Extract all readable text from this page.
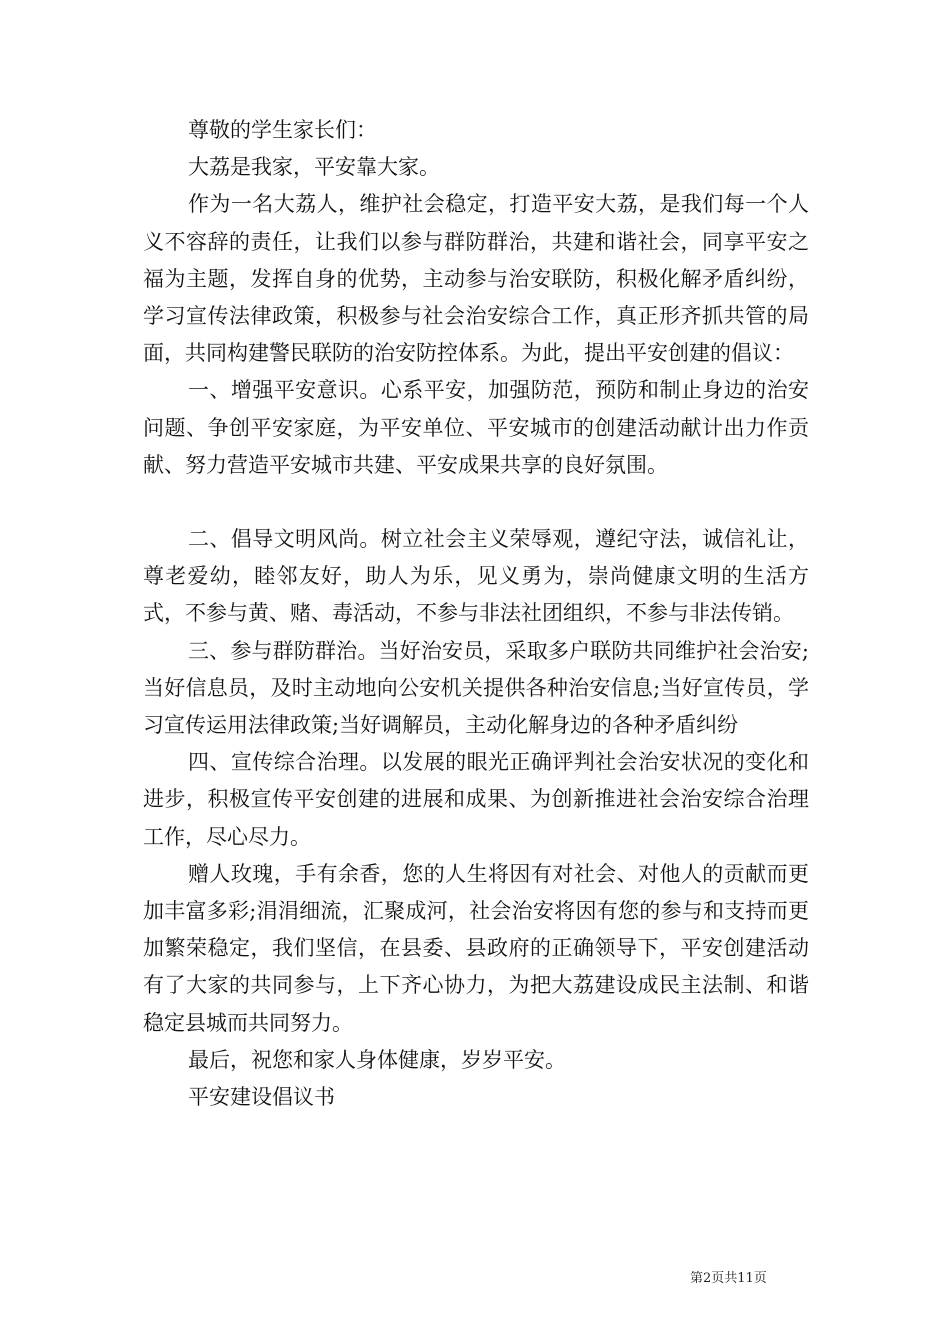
尊敬的学生家长们：

大荔是我家，平安靠大家。

作为一名大荔人，维护社会稳定，打造平安大荔，是我们每一个人义不容辞的责任，让我们以参与群防群治，共建和谐社会，同享平安之福为主题，发挥自身的优势，主动参与治安联防，积极化解矛盾纠纷，学习宣传法律政策，积极参与社会治安综合工作，真正形齐抓共管的局面，共同构建警民联防的治安防控体系。为此，提出平安创建的倡议：

一、增强平安意识。心系平安，加强防范，预防和制止身边的治安问题、争创平安家庭，为平安单位、平安城市的创建活动献计出力作贡献、努力营造平安城市共建、平安成果共享的良好氛围。

二、倡导文明风尚。树立社会主义荣辱观，遵纪守法，诚信礼让，尊老爱幼，睦邻友好，助人为乐，见义勇为，崇尚健康文明的生活方式，不参与黄、赌、毒活动，不参与非法社团组织，不参与非法传销。

三、参与群防群治。当好治安员，采取多户联防共同维护社会治安;当好信息员，及时主动地向公安机关提供各种治安信息;当好宣传员，学习宣传运用法律政策;当好调解员，主动化解身边的各种矛盾纠纷

四、宣传综合治理。以发展的眼光正确评判社会治安状况的变化和进步，积极宣传平安创建的进展和成果、为创新推进社会治安综合治理工作，尽心尽力。

赠人玫瑰，手有余香，您的人生将因有对社会、对他人的贡献而更加丰富多彩;涓涓细流，汇聚成河，社会治安将因有您的参与和支持而更加繁荣稳定，我们坚信，在县委、县政府的正确领导下，平安创建活动有了大家的共同参与，上下齐心协力，为把大荔建设成民主法制、和谐稳定县城而共同努力。

最后，祝您和家人身体健康，岁岁平安。

平安建设倡议书

第2页共11页
